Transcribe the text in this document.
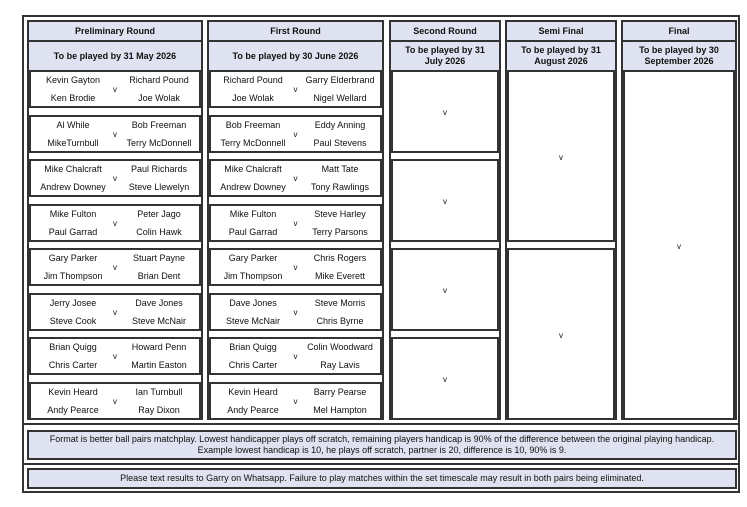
Preliminary Round
To be played by 31 May 2026
First Round
To be played by 30 June 2026
Second Round
To be played by 31 July 2026
Semi Final
To be played by 31 August 2026
Final
To be played by 30 September 2026
Kevin Gayton
Ken Brodie
Richard Pound
Joe Wolak
v
Al While
MikeTurnbull
Bob Freeman
Terry McDonnell
v
Mike Chalcraft
Andrew Downey
Paul Richards
Steve Llewelyn
v
Mike Fulton
Paul Garrad
Peter Jago
Colin Hawk
v
Gary Parker
Jim Thompson
Stuart Payne
Brian Dent
v
Jerry Josee
Steve Cook
Dave Jones
Steve McNair
v
Brian Quigg
Chris Carter
Howard Penn
Martin Easton
v
Kevin Heard
Andy Pearce
Ian Turnbull
Ray Dixon
v
Richard Pound
Joe Wolak
Garry Elderbrand
Nigel Wellard
v
Bob Freeman
Terry McDonnell
Eddy Anning
Paul Stevens
v
Mike Chalcraft
Andrew Downey
Matt Tate
Tony Rawlings
v
Mike Fulton
Paul Garrad
Steve Harley
Terry Parsons
v
Gary Parker
Jim Thompson
Chris Rogers
Mike Everett
v
Dave Jones
Steve McNair
Steve Morris
Chris Byrne
v
Brian Quigg
Chris Carter
Colin Woodward
Ray Lavis
v
Kevin Heard
Andy Pearce
Barry Pearse
Mel Hampton
v
v
v
v
v
v
v
v
Format is better ball pairs matchplay. Lowest handicapper plays off scratch, remaining players handicap is 90% of the difference between the original playing handicap. Example lowest handicap is 10, he plays off scratch, partner is 20, difference is 10, 90% is 9.
Please text results to Garry on Whatsapp. Failure to play matches within the set timescale may result in both pairs being eliminated.
